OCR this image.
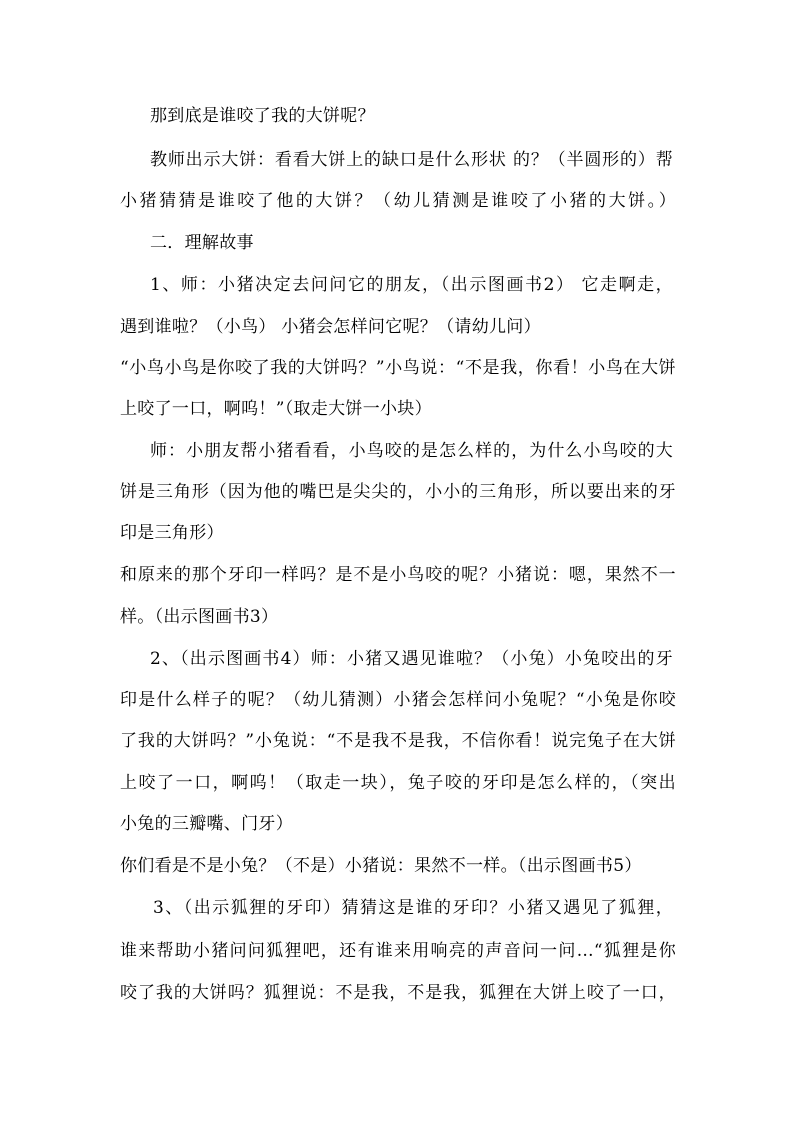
那到底是谁咬了我的大饼呢？
教师出示大饼：看看大饼上的缺口是什么形状 的？（半圆形的）帮
小猪猜猜是谁咬了他的大饼？（幼儿猜测是谁咬了小猪的大饼。）
二．理解故事
1、师：小猪决定去问问它的朋友，（出示图画书2） 它走啊走，
遇到谁啦？（小鸟） 小猪会怎样问它呢？（请幼儿问）
“小鸟小鸟是你咬了我的大饼吗？”小鸟说：“不是我，你看！小鸟在大饼
上咬了一口，啊呜！”（取走大饼一小块）
师：小朋友帮小猪看看，小鸟咬的是怎么样的，为什么小鸟咬的大
饼是三角形（因为他的嘴巴是尖尖的，小小的三角形，所以要出来的牙
印是三角形）
和原来的那个牙印一样吗？是不是小鸟咬的呢？小猪说：嗯，果然不一
样。（出示图画书3）
2、（出示图画书4）师：小猪又遇见谁啦？（小兔）小兔咬出的牙
印是什么样子的呢？（幼儿猜测）小猪会怎样问小兔呢？“小兔是你咬
了我的大饼吗？”小兔说：“不是我不是我，不信你看！说完兔子在大饼
上咬了一口，啊呜！（取走一块），兔子咬的牙印是怎么样的，（突出
小兔的三瓣嘴、门牙）
你们看是不是小兔？（不是）小猪说：果然不一样。（出示图画书5）
3、（出示狐狸的牙印）猜猜这是谁的牙印？小猪又遇见了狐狸，
谁来帮助小猪问问狐狸吧，还有谁来用响亮的声音问一问…“狐狸是你
咬了我的大饼吗？狐狸说：不是我，不是我，狐狸在大饼上咬了一口，
